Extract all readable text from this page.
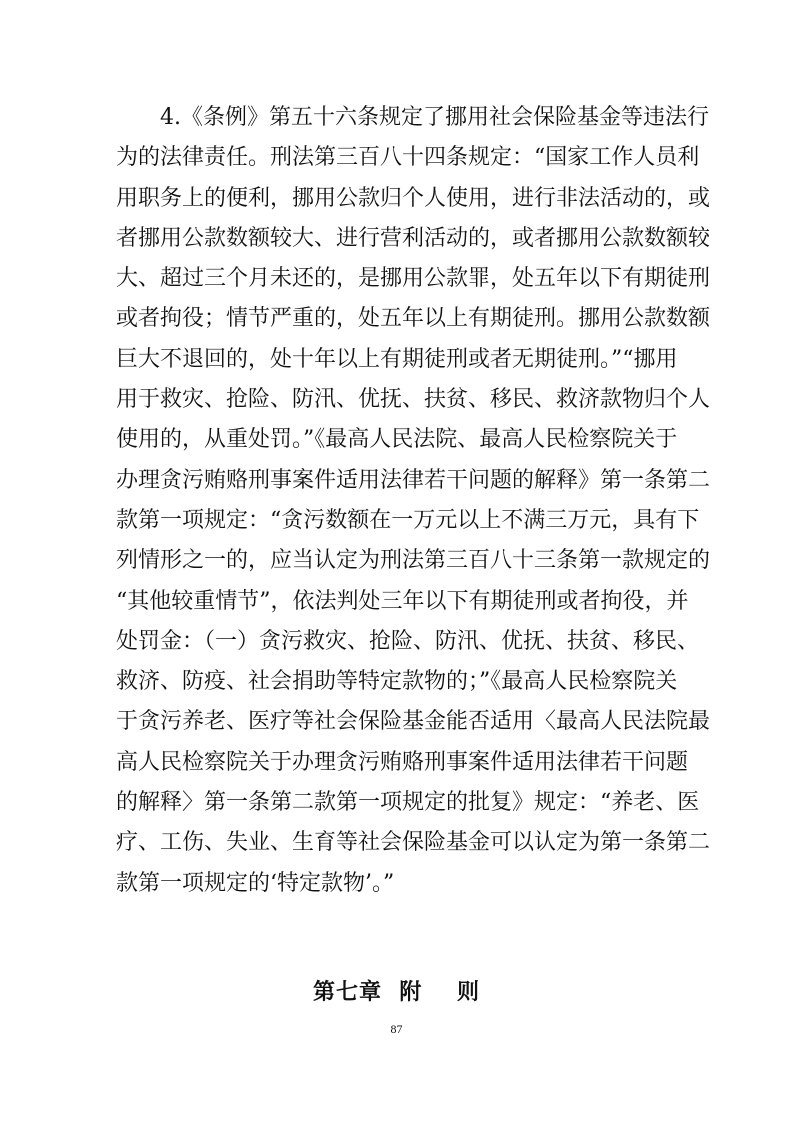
　　4.《条例》第五十六条规定了挪用社会保险基金等违法行
为的法律责任。刑法第三百八十四条规定：“国家工作人员利
用职务上的便利，挪用公款归个人使用，进行非法活动的，或
者挪用公款数额较大、进行营利活动的，或者挪用公款数额较
大、超过三个月未还的，是挪用公款罪，处五年以下有期徒刑
或者拘役；情节严重的，处五年以上有期徒刑。挪用公款数额
巨大不退回的，处十年以上有期徒刑或者无期徒刑。”“挪用
用于救灾、抢险、防汛、优抚、扶贫、移民、救济款物归个人
使用的，从重处罚。”《最高人民法院、最高人民检察院关于
办理贪污贿赂刑事案件适用法律若干问题的解释》第一条第二
款第一项规定：“贪污数额在一万元以上不满三万元，具有下
列情形之一的，应当认定为刑法第三百八十三条第一款规定的
“其他较重情节”，依法判处三年以下有期徒刑或者拘役，并
处罚金：（一）贪污救灾、抢险、防汛、优抚、扶贫、移民、
救济、防疫、社会捐助等特定款物的；”《最高人民检察院关
于贪污养老、医疗等社会保险基金能否适用〈最高人民法院最
高人民检察院关于办理贪污贿赂刑事案件适用法律若干问题
的解释〉第一条第二款第一项规定的批复》规定：“养老、医
疗、工伤、失业、生育等社会保险基金可以认定为第一条第二
款第一项规定的‘特定款物’。”
第七章  附    则
87
